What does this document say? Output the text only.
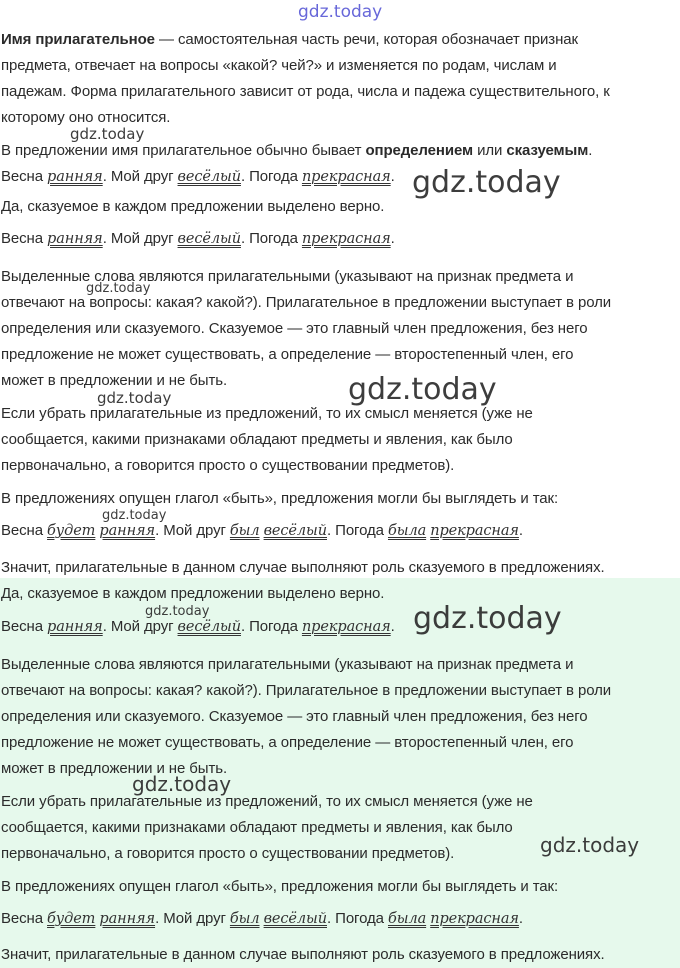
Имя прилагательное — самостоятельная часть речи, которая обозначает признак
предмета, отвечает на вопросы «какой? чей?» и изменяется по родам, числам и
падежам. Форма прилагательного зависит от рода, числа и падежа существительного, к
которому оно относится.
В предложении имя прилагательное обычно бывает определением или сказуемым.
Весна ранняя. Мой друг весёлый. Погода прекрасная.
Да, сказуемое в каждом предложении выделено верно.
Весна ранняя. Мой друг весёлый. Погода прекрасная.
Выделенные слова являются прилагательными (указывают на признак предмета и
отвечают на вопросы: какая? какой?). Прилагательное в предложении выступает в роли
определения или сказуемого. Сказуемое — это главный член предложения, без него
предложение не может существовать, а определение — второстепенный член, его
может в предложении и не быть.
Если убрать прилагательные из предложений, то их смысл меняется (уже не
сообщается, какими признаками обладают предметы и явления, как было
первоначально, а говорится просто о существовании предметов).
В предложениях опущен глагол «быть», предложения могли бы выглядеть и так:
Весна будет ранняя. Мой друг был весёлый. Погода была прекрасная.
Значит, прилагательные в данном случае выполняют роль сказуемого в предложениях.
Да, сказуемое в каждом предложении выделено верно.
Весна ранняя. Мой друг весёлый. Погода прекрасная.
Выделенные слова являются прилагательными (указывают на признак предмета и
отвечают на вопросы: какая? какой?). Прилагательное в предложении выступает в роли
определения или сказуемого. Сказуемое — это главный член предложения, без него
предложение не может существовать, а определение — второстепенный член, его
может в предложении и не быть.
Если убрать прилагательные из предложений, то их смысл меняется (уже не
сообщается, какими признаками обладают предметы и явления, как было
первоначально, а говорится просто о существовании предметов).
В предложениях опущен глагол «быть», предложения могли бы выглядеть и так:
Весна будет ранняя. Мой друг был весёлый. Погода была прекрасная.
Значит, прилагательные в данном случае выполняют роль сказуемого в предложениях.
gdz.today
gdz.today
gdz.today
gdz.today
gdz.today
gdz.today
gdz.today
gdz.today	gdz.today
gdz.today
gdz.today
